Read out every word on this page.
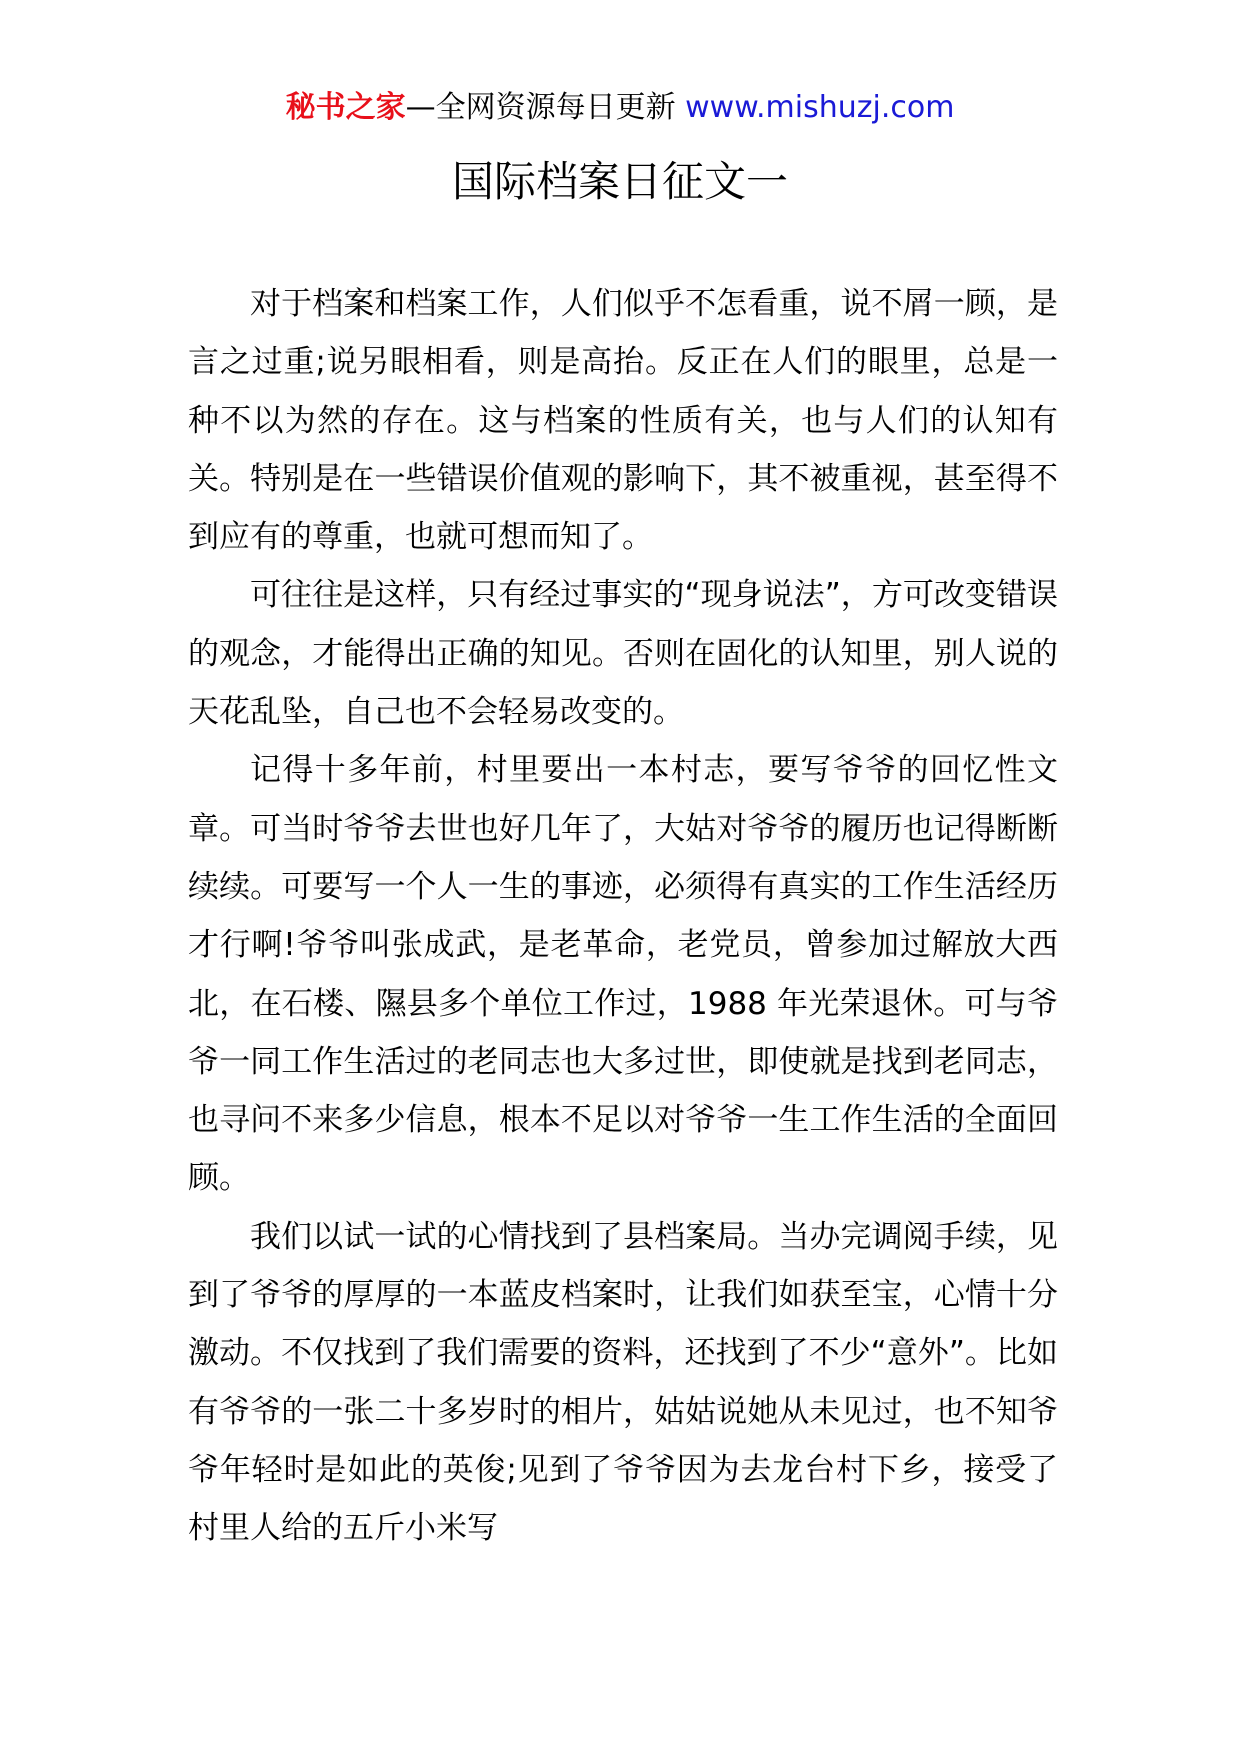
秘书之家—全网资源每日更新 www.mishuzj.com
国际档案日征文一

对于档案和档案工作，人们似乎不怎看重，说不屑一顾，是言之过重;说另眼相看，则是高抬。反正在人们的眼里，总是一种不以为然的存在。这与档案的性质有关，也与人们的认知有关。特别是在一些错误价值观的影响下，其不被重视，甚至得不到应有的尊重，也就可想而知了。

可往往是这样，只有经过事实的“现身说法”，方可改变错误的观念，才能得出正确的知见。否则在固化的认知里，别人说的天花乱坠，自己也不会轻易改变的。

记得十多年前，村里要出一本村志，要写爷爷的回忆性文章。可当时爷爷去世也好几年了，大姑对爷爷的履历也记得断断续续。可要写一个人一生的事迹，必须得有真实的工作生活经历才行啊!爷爷叫张成武，是老革命，老党员，曾参加过解放大西北，在石楼、隰县多个单位工作过，1988 年光荣退休。可与爷爷一同工作生活过的老同志也大多过世，即使就是找到老同志，也寻问不来多少信息，根本不足以对爷爷一生工作生活的全面回顾。

我们以试一试的心情找到了县档案局。当办完调阅手续，见到了爷爷的厚厚的一本蓝皮档案时，让我们如获至宝，心情十分激动。不仅找到了我们需要的资料，还找到了不少“意外”。比如有爷爷的一张二十多岁时的相片，姑姑说她从未见过，也不知爷爷年轻时是如此的英俊;见到了爷爷因为去龙台村下乡，接受了村里人给的五斤小米写
